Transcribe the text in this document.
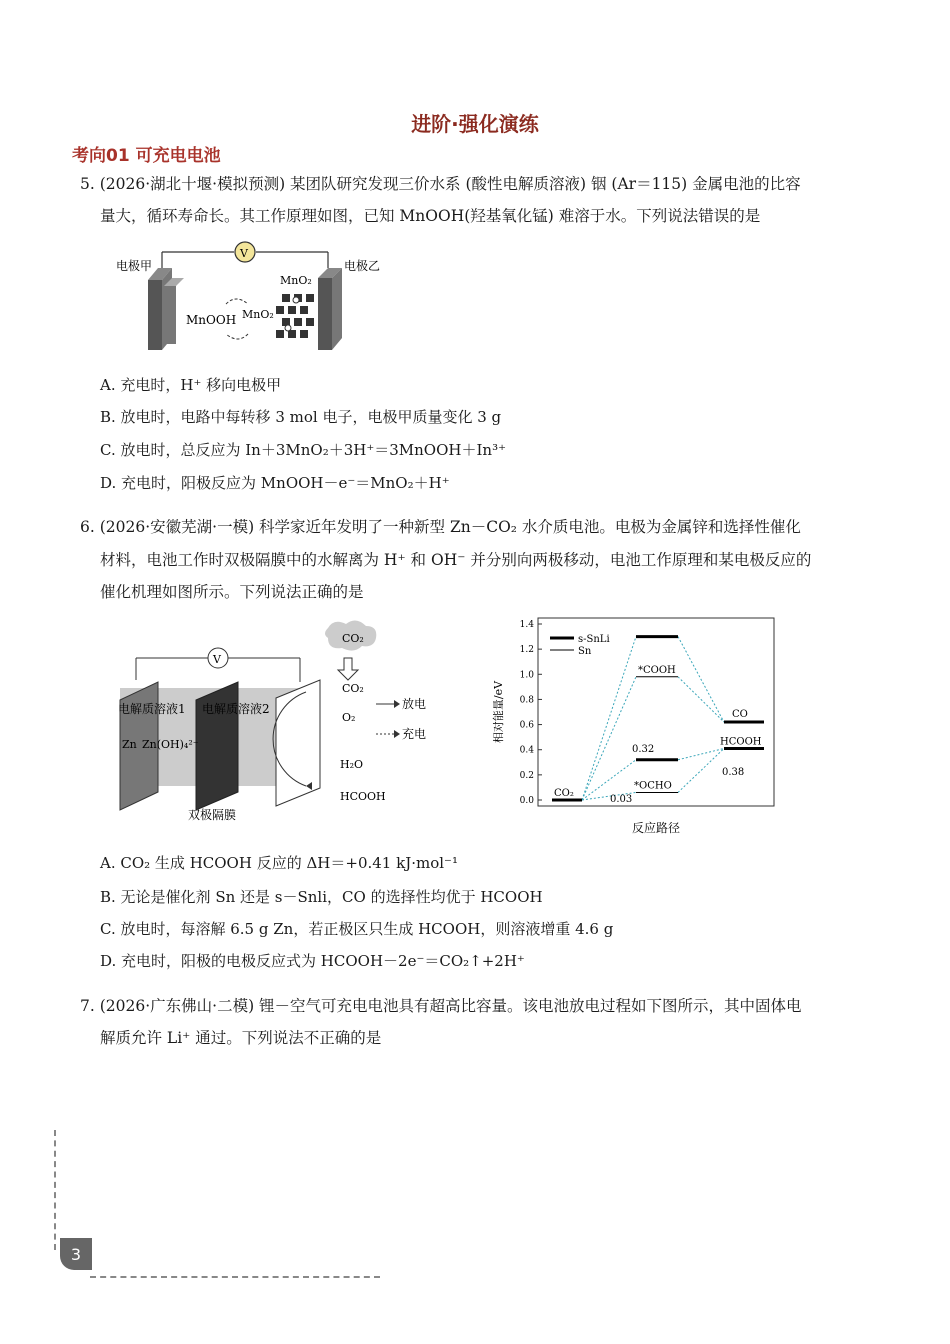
进阶·强化演练
考向01 可充电电池
5. (2026·湖北十堰·模拟预测) 某团队研究发现三价水系 (酸性电解质溶液) 铟 (Ar＝115) 金属电池的比容
量大，循环寿命长。其工作原理如图，已知 MnOOH(羟基氧化锰) 难溶于水。下列说法错误的是
V
电极甲	电极乙
MnO₂
MnOOH MnO₂
A. 充电时，H⁺ 移向电极甲
B. 放电时，电路中每转移 3 mol 电子，电极甲质量变化 3 g
C. 放电时，总反应为 In＋3MnO₂＋3H⁺＝3MnOOH＋In³⁺
D. 充电时，阳极反应为 MnOOH－e⁻＝MnO₂＋H⁺
6. (2026·安徽芜湖·一模) 科学家近年发明了一种新型 Zn－CO₂ 水介质电池。电极为金属锌和选择性催化
材料，电池工作时双极隔膜中的水解离为 H⁺ 和 OH⁻ 并分别向两极移动，电池工作原理和某电极反应的
催化机理如图所示。下列说法正确的是
CO₂
V
电解质溶液1 电解质溶液2
Zn Zn(OH)₄²⁻
CO₂
O₂
H₂O
HCOOH
放电
充电
双极隔膜
0.0
0.2
0.4
0.6
0.8
1.0
1.2
1.4
CO₂
*COOH
*OCHO
CO
HCOOH
s-SnLi
Sn
相对能量/eV
反应路径
0.32
0.03
0.38
A. CO₂ 生成 HCOOH 反应的 ΔH＝+0.41 kJ·mol⁻¹
B. 无论是催化剂 Sn 还是 s－Snli，CO 的选择性均优于 HCOOH
C. 放电时，每溶解 6.5 g Zn，若正极区只生成 HCOOH，则溶液增重 4.6 g
D. 充电时，阳极的电极反应式为 HCOOH－2e⁻＝CO₂↑+2H⁺
7. (2026·广东佛山·二模) 锂－空气可充电电池具有超高比容量。该电池放电过程如下图所示，其中固体电
解质允许 Li⁺ 通过。下列说法不正确的是
3
